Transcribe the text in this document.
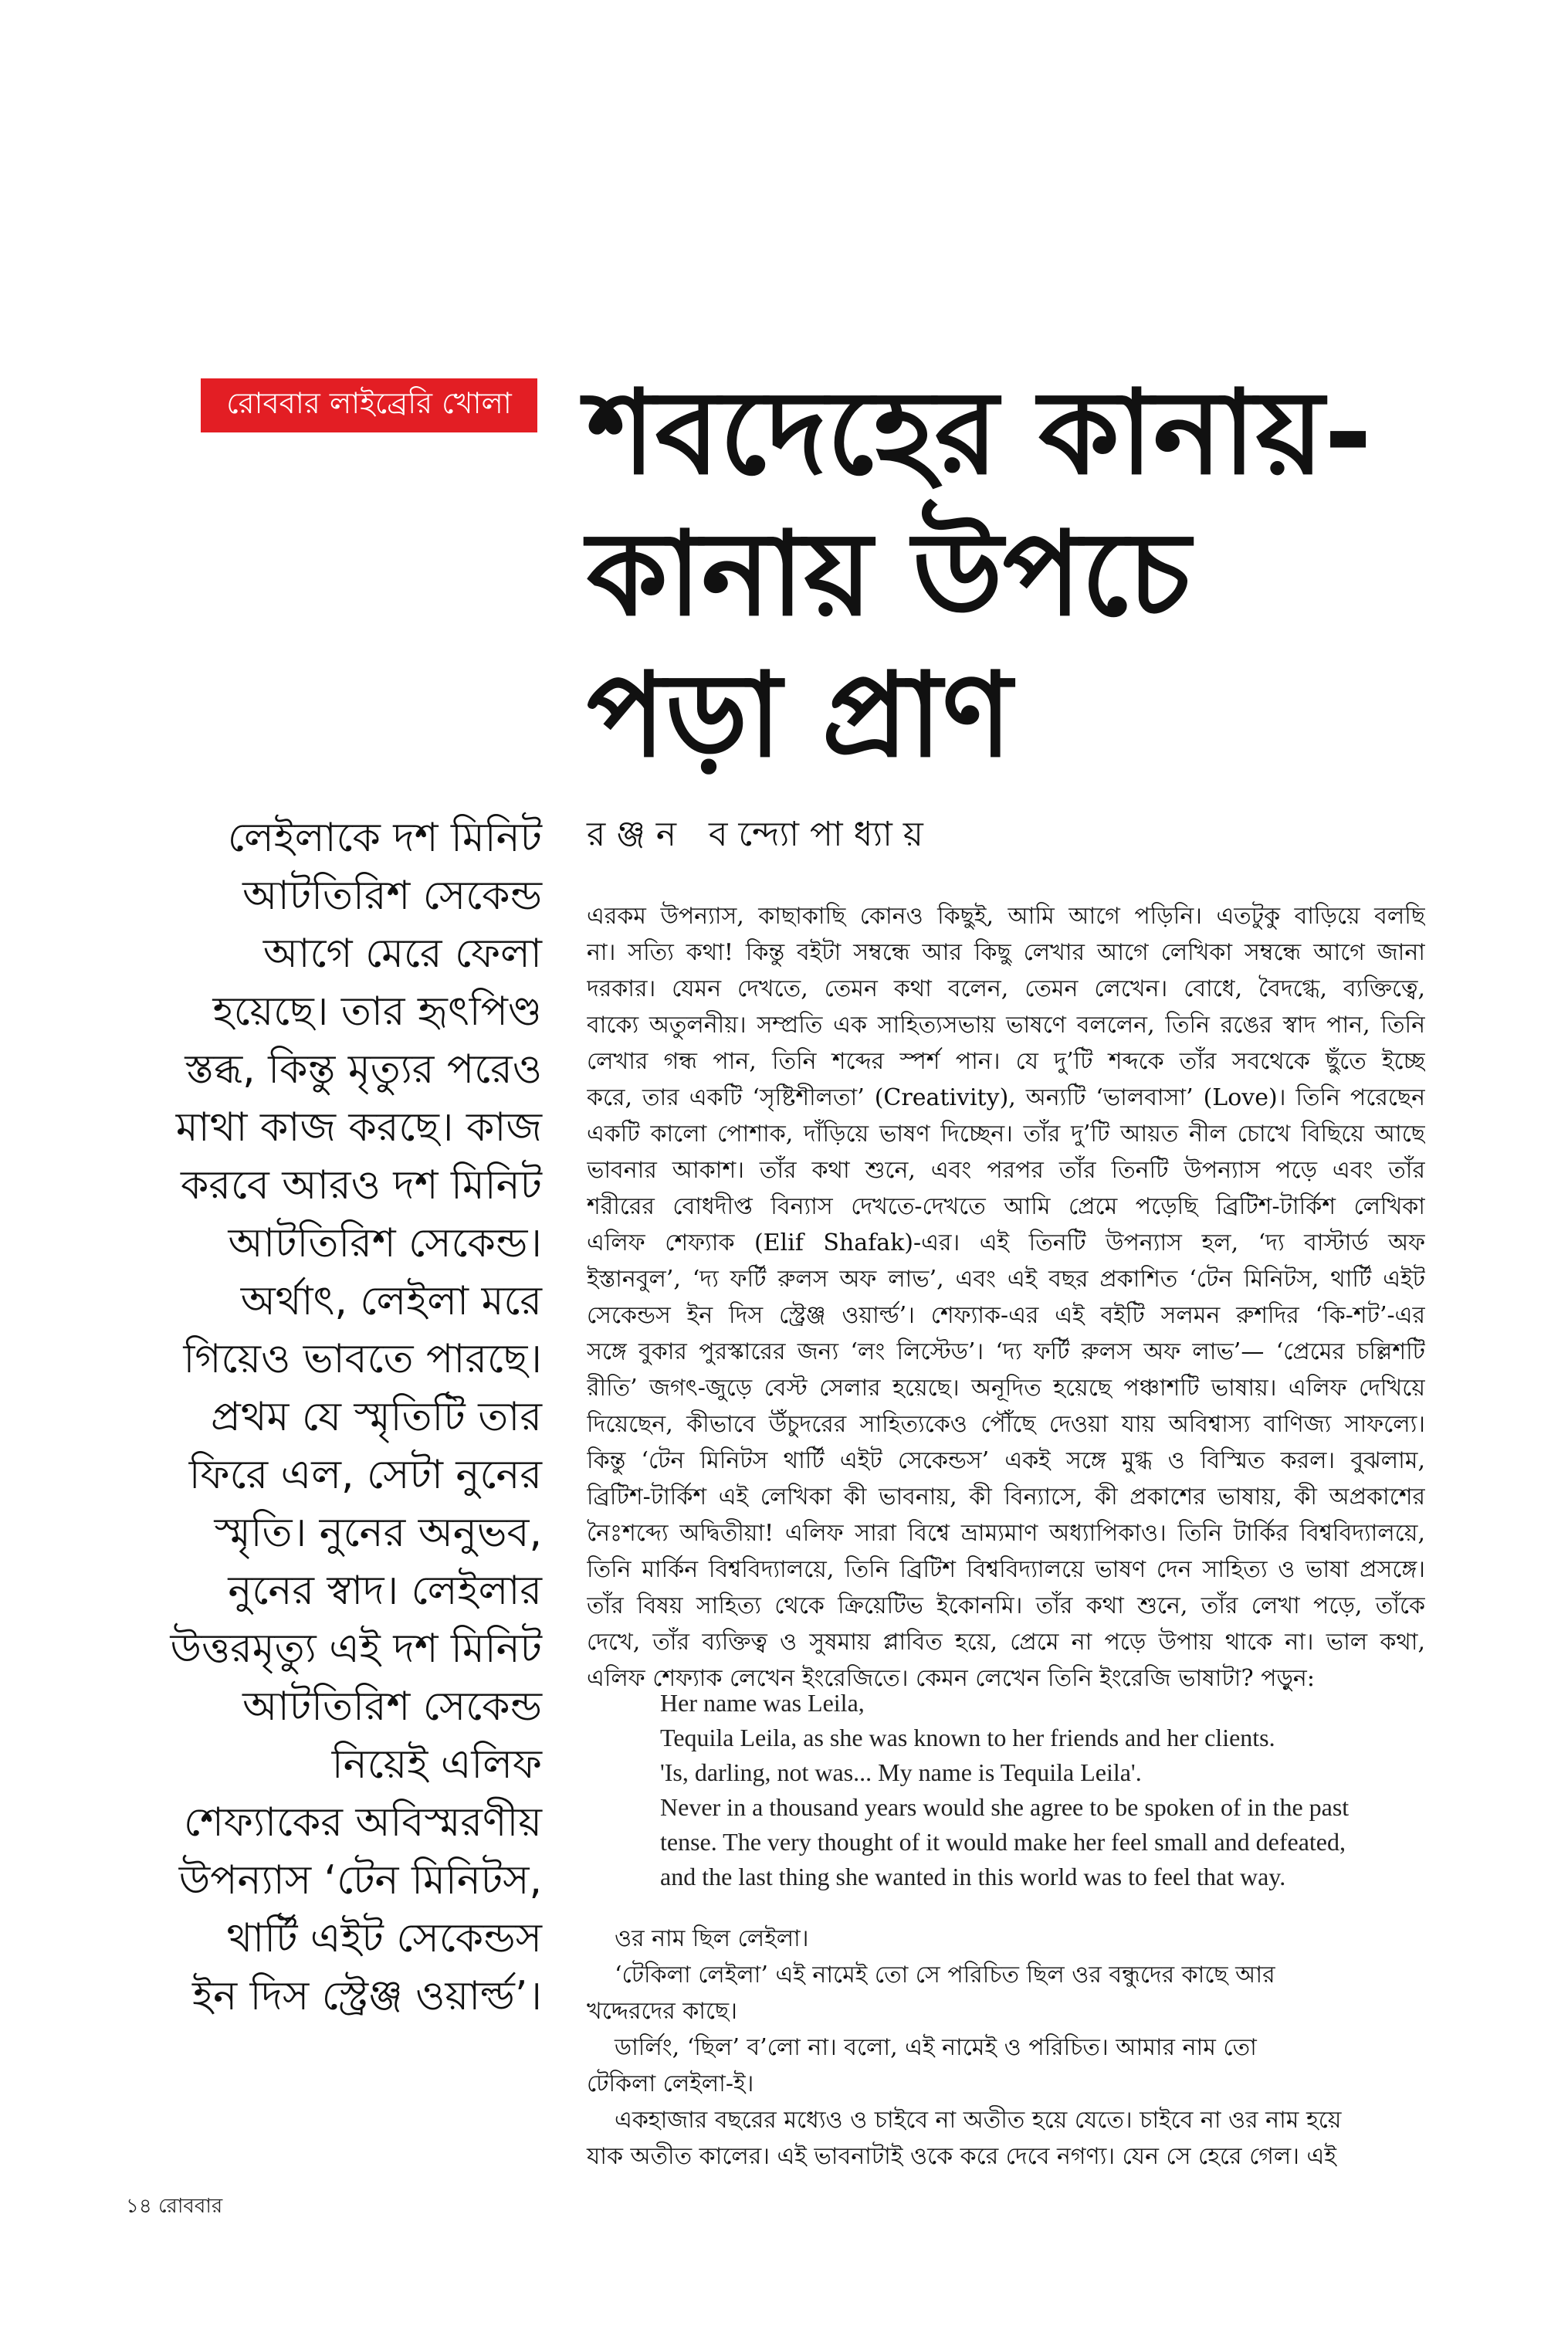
রোববার লাইব্রেরি খোলা শবদেহের কানায়-
কানায় উপচে
পড়া প্রাণ
রঞ্জন বন্দ্যোপাধ্যায়
লেইলাকে দশ মিনিট
আটতিরিশ সেকেন্ড
আগে মেরে ফেলা
হয়েছে। তার হৃৎপিণ্ড
স্তব্ধ, কিন্তু মৃত্যুর পরেও
মাথা কাজ করছে। কাজ
করবে আরও দশ মিনিট
আটতিরিশ সেকেন্ড।
অর্থাৎ, লেইলা মরে
গিয়েও ভাবতে পারছে।
প্রথম যে স্মৃতিটি তার
ফিরে এল, সেটা নুনের
স্মৃতি। নুনের অনুভব,
নুনের স্বাদ। লেইলার
উত্তরমৃত্যু এই দশ মিনিট
আটতিরিশ সেকেন্ড
নিয়েই এলিফ
শেফ্যাকের অবিস্মরণীয়
উপন্যাস ‘টেন মিনিটস,
থার্টি এইট সেকেন্ডস
ইন দিস স্ট্রেঞ্জ ওয়ার্ল্ড’।
এরকম উপন্যাস, কাছাকাছি কোনও কিছুই, আমি আগে পড়িনি। এতটুকু বাড়িয়ে বলছি
না। সত্যি কথা! কিন্তু বইটা সম্বন্ধে আর কিছু লেখার আগে লেখিকা সম্বন্ধে আগে জানা
দরকার। যেমন দেখতে, তেমন কথা বলেন, তেমন লেখেন। বোধে, বৈদগ্ধে, ব্যক্তিত্বে,
বাক্যে অতুলনীয়। সম্প্রতি এক সাহিত্যসভায় ভাষণে বললেন, তিনি রঙের স্বাদ পান, তিনি
লেখার গন্ধ পান, তিনি শব্দের স্পর্শ পান। যে দু’টি শব্দকে তাঁর সবথেকে ছুঁতে ইচ্ছে
করে, তার একটি ‘সৃষ্টিশীলতা’ (Creativity), অন্যটি ‘ভালবাসা’ (Love)। তিনি পরেছেন
একটি কালো পোশাক, দাঁড়িয়ে ভাষণ দিচ্ছেন। তাঁর দু’টি আয়ত নীল চোখে বিছিয়ে আছে
ভাবনার আকাশ। তাঁর কথা শুনে, এবং পরপর তাঁর তিনটি উপন্যাস পড়ে এবং তাঁর
শরীরের বোধদীপ্ত বিন্যাস দেখতে-দেখতে আমি প্রেমে পড়েছি ব্রিটিশ-টার্কিশ লেখিকা
এলিফ শেফ্যাক (Elif Shafak)-এর। এই তিনটি উপন্যাস হল, ‘দ্য বাস্টার্ড অফ
ইস্তানবুল’, ‘দ্য ফর্টি রুলস অফ লাভ’, এবং এই বছর প্রকাশিত ‘টেন মিনিটস, থার্টি এইট
সেকেন্ডস ইন দিস স্ট্রেঞ্জ ওয়ার্ল্ড’। শেফ্যাক-এর এই বইটি সলমন রুশদির ‘কি-শট’-এর
সঙ্গে বুকার পুরস্কারের জন্য ‘লং লিস্টেড’। ‘দ্য ফর্টি রুলস অফ লাভ’— ‘প্রেমের চল্লিশটি
রীতি’ জগৎ-জুড়ে বেস্ট সেলার হয়েছে। অনূদিত হয়েছে পঞ্চাশটি ভাষায়। এলিফ দেখিয়ে
দিয়েছেন, কীভাবে উঁচুদরের সাহিত্যকেও পৌঁছে দেওয়া যায় অবিশ্বাস্য বাণিজ্য সাফল্যে।
কিন্তু ‘টেন মিনিটস থার্টি এইট সেকেন্ডস’ একই সঙ্গে মুগ্ধ ও বিস্মিত করল। বুঝলাম,
ব্রিটিশ-টার্কিশ এই লেখিকা কী ভাবনায়, কী বিন্যাসে, কী প্রকাশের ভাষায়, কী অপ্রকাশের
নৈঃশব্দ্যে অদ্বিতীয়া! এলিফ সারা বিশ্বে ভ্রাম্যমাণ অধ্যাপিকাও। তিনি টার্কির বিশ্ববিদ্যালয়ে,
তিনি মার্কিন বিশ্ববিদ্যালয়ে, তিনি ব্রিটিশ বিশ্ববিদ্যালয়ে ভাষণ দেন সাহিত্য ও ভাষা প্রসঙ্গে।
তাঁর বিষয় সাহিত্য থেকে ক্রিয়েটিভ ইকোনমি। তাঁর কথা শুনে, তাঁর লেখা পড়ে, তাঁকে
দেখে, তাঁর ব্যক্তিত্ব ও সুষমায় প্লাবিত হয়ে, প্রেমে না পড়ে উপায় থাকে না। ভাল কথা,
এলিফ শেফ্যাক লেখেন ইংরেজিতে। কেমন লেখেন তিনি ইংরেজি ভাষাটা? পড়ুন:
Her name was Leila,
Tequila Leila, as she was known to her friends and her clients.
'Is, darling, not was... My name is Tequila Leila'.
Never in a thousand years would she agree to be spoken of in the past
tense. The very thought of it would make her feel small and defeated,
and the last thing she wanted in this world was to feel that way.
ওর নাম ছিল লেইলা।
‘টেকিলা লেইলা’ এই নামেই তো সে পরিচিত ছিল ওর বন্ধুদের কাছে আর
খদ্দেরদের কাছে।
ডার্লিং, ‘ছিল’ ব’লো না। বলো, এই নামেই ও পরিচিত। আমার নাম তো
টেকিলা লেইলা-ই।
একহাজার বছরের মধ্যেও ও চাইবে না অতীত হয়ে যেতে। চাইবে না ওর নাম হয়ে
যাক অতীত কালের। এই ভাবনাটাই ওকে করে দেবে নগণ্য। যেন সে হেরে গেল। এই
১৪ রোববার
